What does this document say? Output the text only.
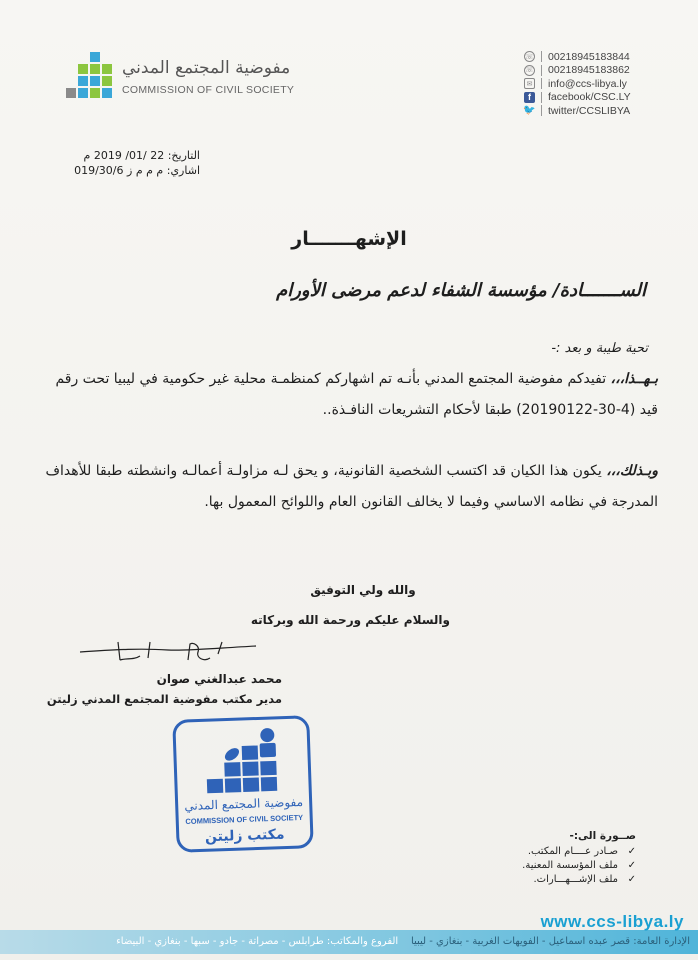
مفوضية المجتمع المدني
COMMISSION OF CIVIL SOCIETY
☏ 00218945183844
☏ 00218945183862
✉ info@ccs-libya.ly
f	facebook/CSC.LY
🐦 twitter/CCSLIBYA
التاريخ: 22 /01/ 2019 م
اشاري: م م م ز 019/30/6
الإشهـــــــار
الســـــــادة/ مؤسسة الشفاء لدعم مرضى الأورام
تحية طيبة و بعد :-
بـهــذا،،، تفيدكم مفوضية المجتمع المدني بأنـه تم اشهاركم كمنظمـة محلية غير حكومية في ليبيا تحت رقم قيد (4-30-20190122) طبقا لأحكام التشريعات النافـذة..
وبـذلك،،، يكون هذا الكيان قد اكتسب الشخصية القانونية، و يحق لـه مزاولـة أعمالـه وانشطته طبقا للأهداف المدرجة في نظامه الاساسي وفيما لا يخالف القانون العام واللوائح المعمول بها.
والله ولي التوفيق
والسلام عليكم ورحمة الله وبركاته
محمد عبدالغني صوان
مدير مكتب مفوضية المجتمع المدني زليتن
مفوضية المجتمع المدني
COMMISSION OF CIVIL SOCIETY
مكتب زليتن	صــورة الى:-
✓
صـادر عــــام المكتب.
✓
ملف المؤسسة المعنية.
✓
ملف الإشـــهـــارات.
www.ccs-libya.ly
الإدارة العامة: قصر عبده اسماعيل - الفويهات الغربية - بنغازي - ليبيا    الفروع والمكاتب: طرابلس - مصراتة - جادو - سبها - بنغازي - البيضاء
